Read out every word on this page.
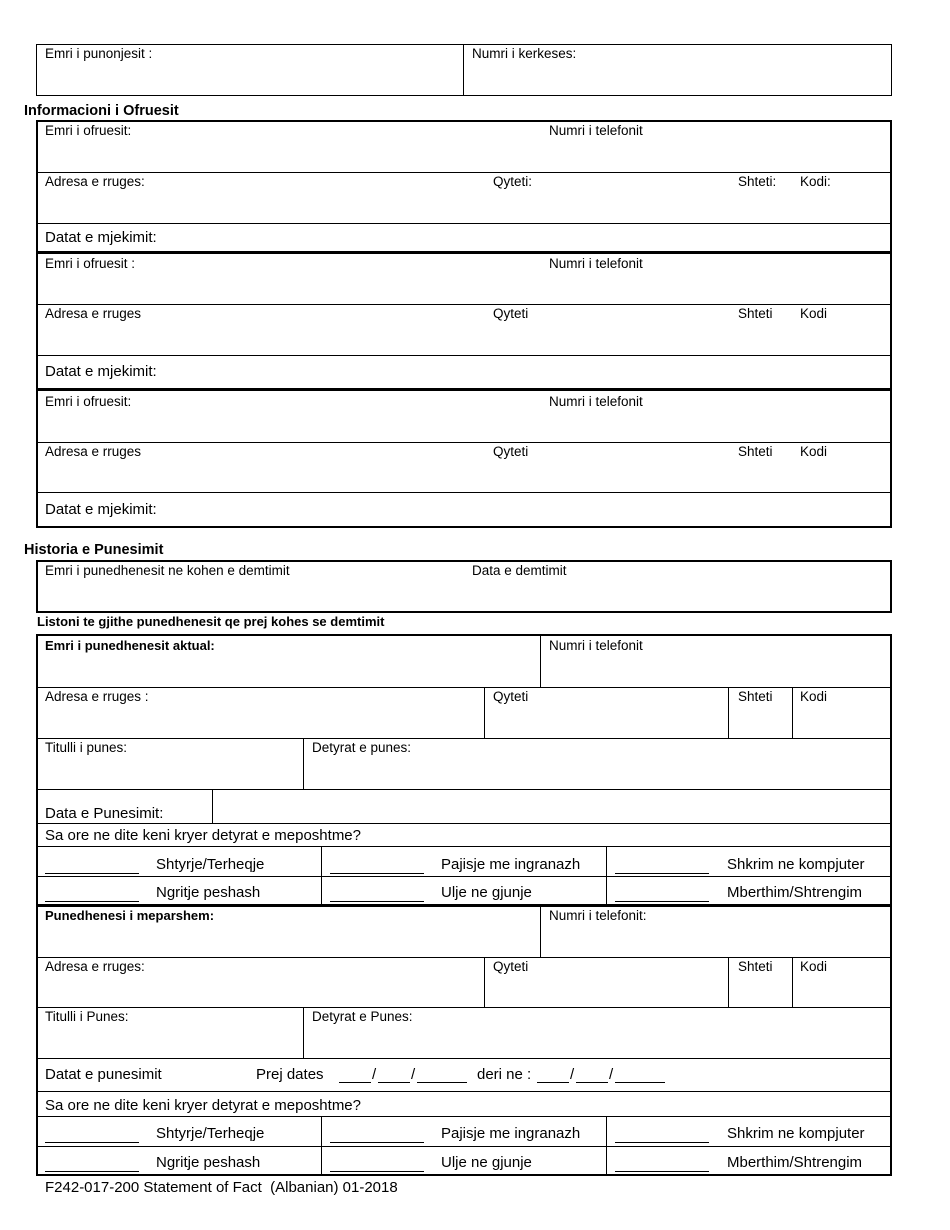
Emri i punonjesit :	Numri i kerkeses:
Informacioni i Ofruesit
Emri i ofruesit:	Numri i telefonit
Adresa e rruges:	Qyteti:	Shteti: Kodi:
Datat e mjekimit:
Emri i ofruesit :	Numri i telefonit
Adresa e rruges	Qyteti	Shteti Kodi
Datat e mjekimit:
Emri i ofruesit:	Numri i telefonit
Adresa e rruges	Qyteti	Shteti Kodi
Datat e mjekimit:
Historia e Punesimit
Emri i punedhenesit ne kohen e demtimit	Data e demtimit
Listoni te gjithe punedhenesit qe prej kohes se demtimit
Emri i punedhenesit aktual:	Numri i telefonit
Adresa e rruges :	Qyteti	Shteti Kodi
Titulli i punes:	Detyrat e punes:
Data e Punesimit:
Sa ore ne dite keni kryer detyrat e meposhtme?
Shtyrje/Terheqje	Pajisje me ingranazh	Shkrim ne kompjuter
Ngritje peshash	Ulje ne gjunje	Mberthim/Shtrengim
Punedhenesi i meparshem:	Numri i telefonit:
Adresa e rruges:	Qyteti	Shteti Kodi
Titulli i Punes:	Detyrat e Punes:
Datat e punesimit	Prej dates	/ /	deri ne :	/ /
Sa ore ne dite keni kryer detyrat e meposhtme?
Shtyrje/Terheqje	Pajisje me ingranazh	Shkrim ne kompjuter
Ngritje peshash	Ulje ne gjunje	Mberthim/Shtrengim
F242-017-200 Statement of Fact  (Albanian) 01-2018
